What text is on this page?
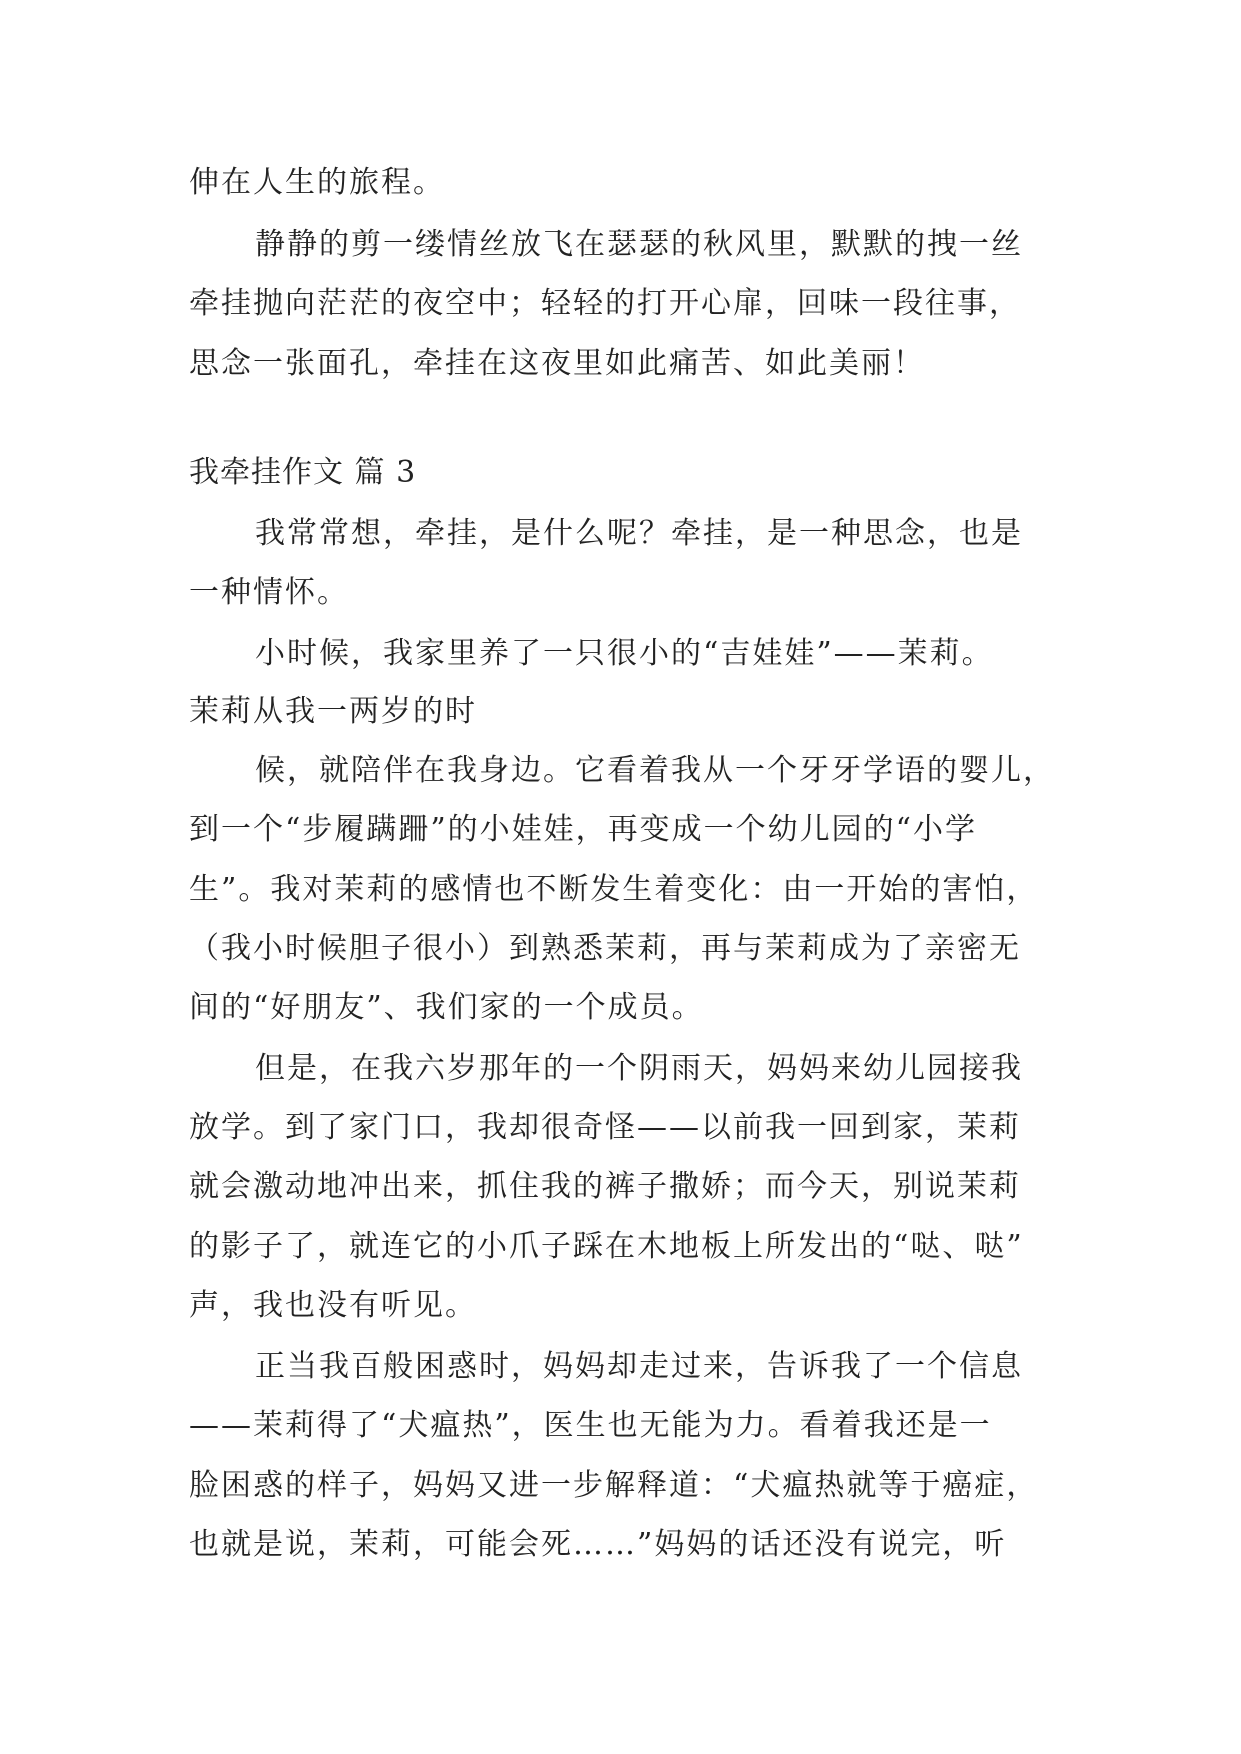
伸在人生的旅程。
静静的剪一缕情丝放飞在瑟瑟的秋风里，默默的拽一丝
牵挂抛向茫茫的夜空中；轻轻的打开心扉，回味一段往事，
思念一张面孔，牵挂在这夜里如此痛苦、如此美丽！
我牵挂作文 篇 3
我常常想，牵挂，是什么呢？牵挂，是一种思念，也是
一种情怀。
小时候，我家里养了一只很小的“吉娃娃”——茉莉。
茉莉从我一两岁的时
候，就陪伴在我身边。它看着我从一个牙牙学语的婴儿，
到一个“步履蹒跚”的小娃娃，再变成一个幼儿园的“小学
生”。我对茉莉的感情也不断发生着变化：由一开始的害怕，
（我小时候胆子很小）到熟悉茉莉，再与茉莉成为了亲密无
间的“好朋友”、我们家的一个成员。
但是，在我六岁那年的一个阴雨天，妈妈来幼儿园接我
放学。到了家门口，我却很奇怪——以前我一回到家，茉莉
就会激动地冲出来，抓住我的裤子撒娇；而今天，别说茉莉
的影子了，就连它的小爪子踩在木地板上所发出的“哒、哒”
声，我也没有听见。
正当我百般困惑时，妈妈却走过来，告诉我了一个信息
——茉莉得了“犬瘟热”，医生也无能为力。看着我还是一
脸困惑的样子，妈妈又进一步解释道：“犬瘟热就等于癌症，
也就是说，茉莉，可能会死……”妈妈的话还没有说完，听
